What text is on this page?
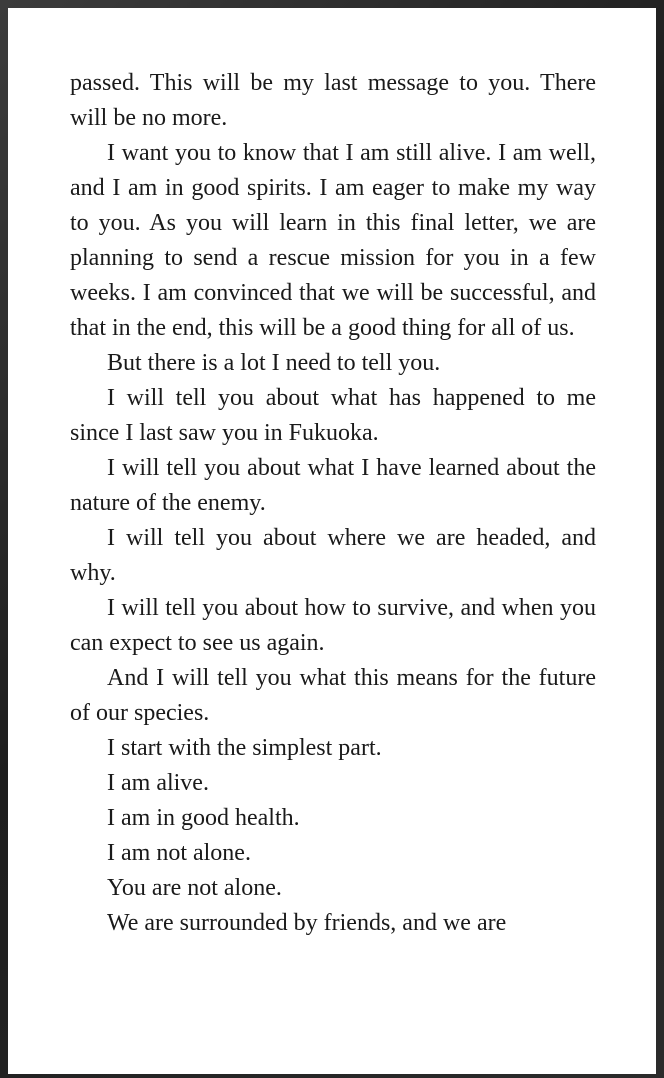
passed. This will be my last message to you. There will be no more.

I want you to know that I am still alive. I am well, and I am in good spirits. I am eager to make my way to you. As you will learn in this final letter, we are planning to send a rescue mission for you in a few weeks. I am convinced that we will be successful, and that in the end, this will be a good thing for all of us.

But there is a lot I need to tell you.

I will tell you about what has happened to me since I last saw you in Fukuoka.

I will tell you about what I have learned about the nature of the enemy.

I will tell you about where we are headed, and why.

I will tell you about how to survive, and when you can expect to see us again.

And I will tell you what this means for the future of our species.

I start with the simplest part.

I am alive.

I am in good health.

I am not alone.

You are not alone.

We are surrounded by friends, and we are
